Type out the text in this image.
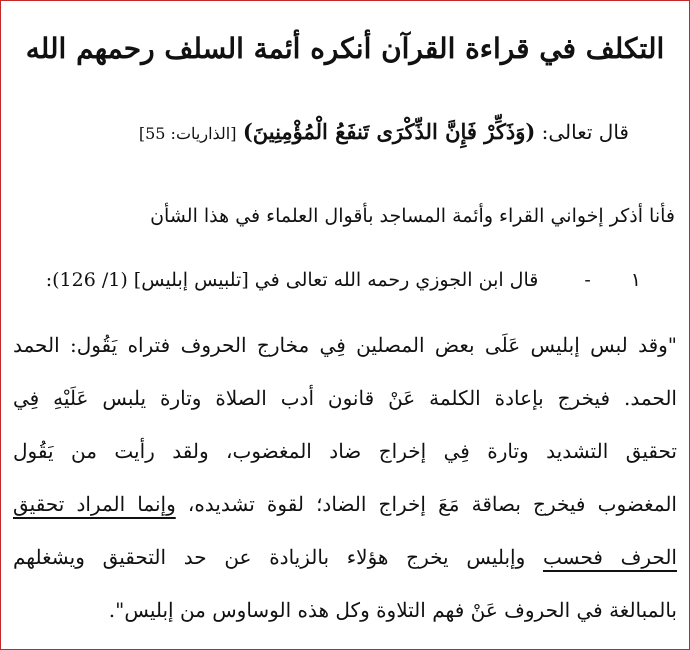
التكلف في قراءة القرآن أنكره أئمة السلف رحمهم الله
قال تعالى: (وَذَكِّرْ فَإِنَّ الذِّكْرَى تَنفَعُ الْمُؤْمِنِينَ) [الذاريات: 55]
فأنا أذكر إخواني القراء وأئمة المساجد بأقوال العلماء في هذا الشأن
١-قال ابن الجوزي رحمه الله تعالى في [تلبيس إبليس] (1/ 126):
"وقد لبس إبليس عَلَى بعض المصلين فِي مخارج الحروف فتراه يَقُول: الحمد
الحمد. فيخرج بإعادة الكلمة عَنْ قانون أدب الصلاة وتارة يلبس عَلَيْهِ فِي
تحقيق التشديد وتارة فِي إخراج ضاد المغضوب، ولقد رأيت من يَقُول
المغضوب فيخرج بصاقة مَعَ إخراج الضاد؛ لقوة تشديده، وإنما المراد تحقيق
الحرف فحسب وإبليس يخرج هؤلاء بالزيادة عن حد التحقيق ويشغلهم
بالمبالغة في الحروف عَنْ فهم التلاوة وكل هذه الوساوس من إبليس".
